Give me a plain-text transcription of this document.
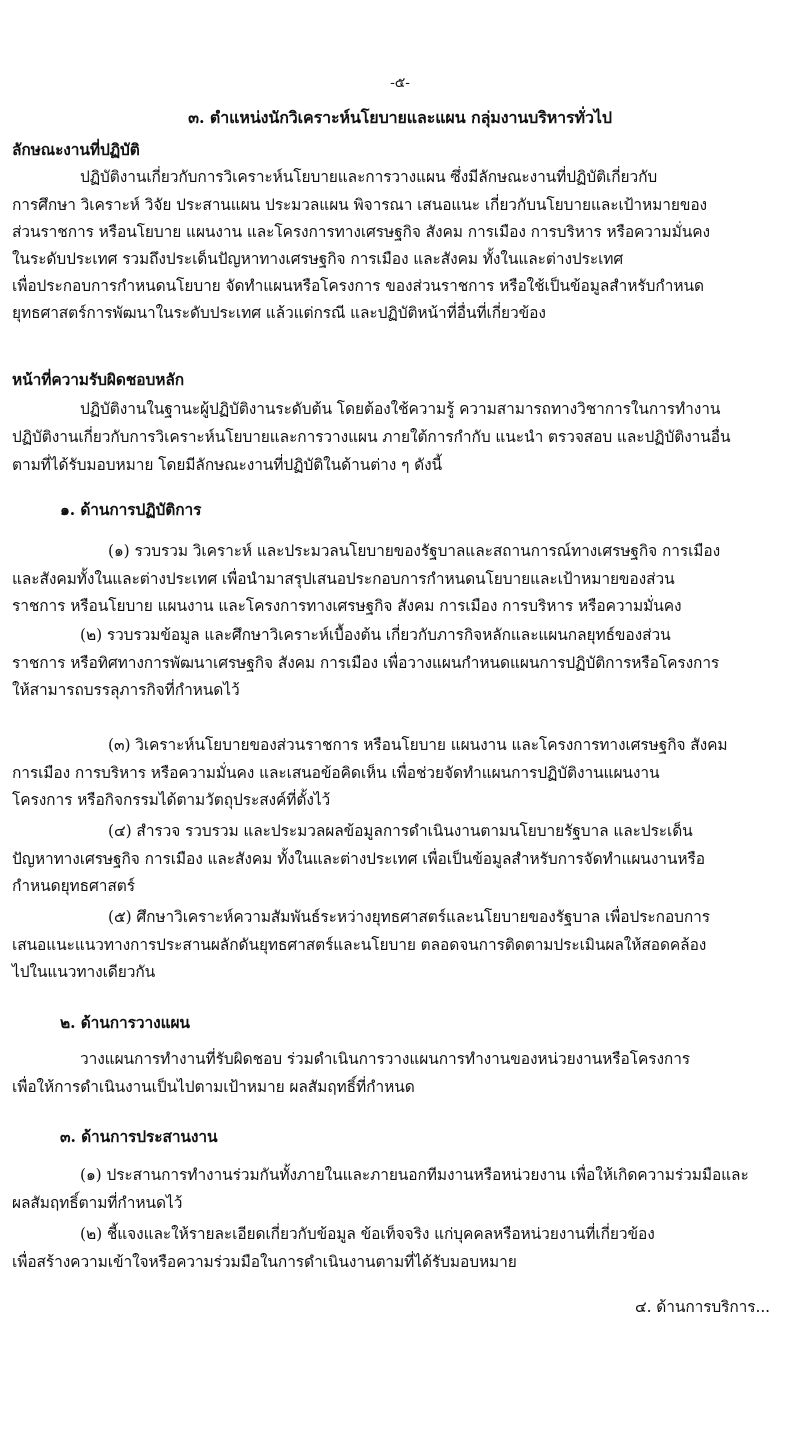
-๕-
๓. ตำแหน่งนักวิเคราะห์นโยบายและแผน กลุ่มงานบริหารทั่วไป
ลักษณะงานที่ปฏิบัติ
ปฏิบัติงานเกี่ยวกับการวิเคราะห์นโยบายและการวางแผน ซึ่งมีลักษณะงานที่ปฏิบัติเกี่ยวกับ
การศึกษา วิเคราะห์ วิจัย ประสานแผน ประมวลแผน พิจารณา เสนอแนะ เกี่ยวกับนโยบายและเป้าหมายของ
ส่วนราชการ หรือนโยบาย แผนงาน และโครงการทางเศรษฐกิจ สังคม การเมือง การบริหาร หรือความมั่นคง
ในระดับประเทศ รวมถึงประเด็นปัญหาทางเศรษฐกิจ การเมือง และสังคม ทั้งในและต่างประเทศ
เพื่อประกอบการกำหนดนโยบาย จัดทำแผนหรือโครงการ ของส่วนราชการ หรือใช้เป็นข้อมูลสำหรับกำหนด
ยุทธศาสตร์การพัฒนาในระดับประเทศ แล้วแต่กรณี และปฏิบัติหน้าที่อื่นที่เกี่ยวข้อง
หน้าที่ความรับผิดชอบหลัก
ปฏิบัติงานในฐานะผู้ปฏิบัติงานระดับต้น โดยต้องใช้ความรู้ ความสามารถทางวิชาการในการทำงาน
ปฏิบัติงานเกี่ยวกับการวิเคราะห์นโยบายและการวางแผน ภายใต้การกำกับ แนะนำ ตรวจสอบ และปฏิบัติงานอื่น
ตามที่ได้รับมอบหมาย โดยมีลักษณะงานที่ปฏิบัติในด้านต่าง ๆ ดังนี้
๑. ด้านการปฏิบัติการ
(๑) รวบรวม วิเคราะห์ และประมวลนโยบายของรัฐบาลและสถานการณ์ทางเศรษฐกิจ การเมือง
และสังคมทั้งในและต่างประเทศ เพื่อนำมาสรุปเสนอประกอบการกำหนดนโยบายและเป้าหมายของส่วน
ราชการ หรือนโยบาย แผนงาน และโครงการทางเศรษฐกิจ สังคม การเมือง การบริหาร หรือความมั่นคง
(๒) รวบรวมข้อมูล และศึกษาวิเคราะห์เบื้องต้น เกี่ยวกับภารกิจหลักและแผนกลยุทธ์ของส่วน
ราชการ หรือทิศทางการพัฒนาเศรษฐกิจ สังคม การเมือง เพื่อวางแผนกำหนดแผนการปฏิบัติการหรือโครงการ
ให้สามารถบรรลุภารกิจที่กำหนดไว้
(๓) วิเคราะห์นโยบายของส่วนราชการ หรือนโยบาย แผนงาน และโครงการทางเศรษฐกิจ สังคม
การเมือง การบริหาร หรือความมั่นคง และเสนอข้อคิดเห็น เพื่อช่วยจัดทำแผนการปฏิบัติงานแผนงาน
โครงการ หรือกิจกรรมได้ตามวัตถุประสงค์ที่ตั้งไว้
(๔) สำรวจ รวบรวม และประมวลผลข้อมูลการดำเนินงานตามนโยบายรัฐบาล และประเด็น
ปัญหาทางเศรษฐกิจ การเมือง และสังคม ทั้งในและต่างประเทศ เพื่อเป็นข้อมูลสำหรับการจัดทำแผนงานหรือ
กำหนดยุทธศาสตร์
(๕) ศึกษาวิเคราะห์ความสัมพันธ์ระหว่างยุทธศาสตร์และนโยบายของรัฐบาล เพื่อประกอบการ
เสนอแนะแนวทางการประสานผลักดันยุทธศาสตร์และนโยบาย ตลอดจนการติดตามประเมินผลให้สอดคล้อง
ไปในแนวทางเดียวกัน
๒. ด้านการวางแผน
วางแผนการทำงานที่รับผิดชอบ ร่วมดำเนินการวางแผนการทำงานของหน่วยงานหรือโครงการ
เพื่อให้การดำเนินงานเป็นไปตามเป้าหมาย ผลสัมฤทธิ์ที่กำหนด
๓. ด้านการประสานงาน
(๑) ประสานการทำงานร่วมกันทั้งภายในและภายนอกทีมงานหรือหน่วยงาน เพื่อให้เกิดความร่วมมือและ
ผลสัมฤทธิ์ตามที่กำหนดไว้
(๒) ชี้แจงและให้รายละเอียดเกี่ยวกับข้อมูล ข้อเท็จจริง แก่บุคคลหรือหน่วยงานที่เกี่ยวข้อง
เพื่อสร้างความเข้าใจหรือความร่วมมือในการดำเนินงานตามที่ได้รับมอบหมาย
๔. ด้านการบริการ...
